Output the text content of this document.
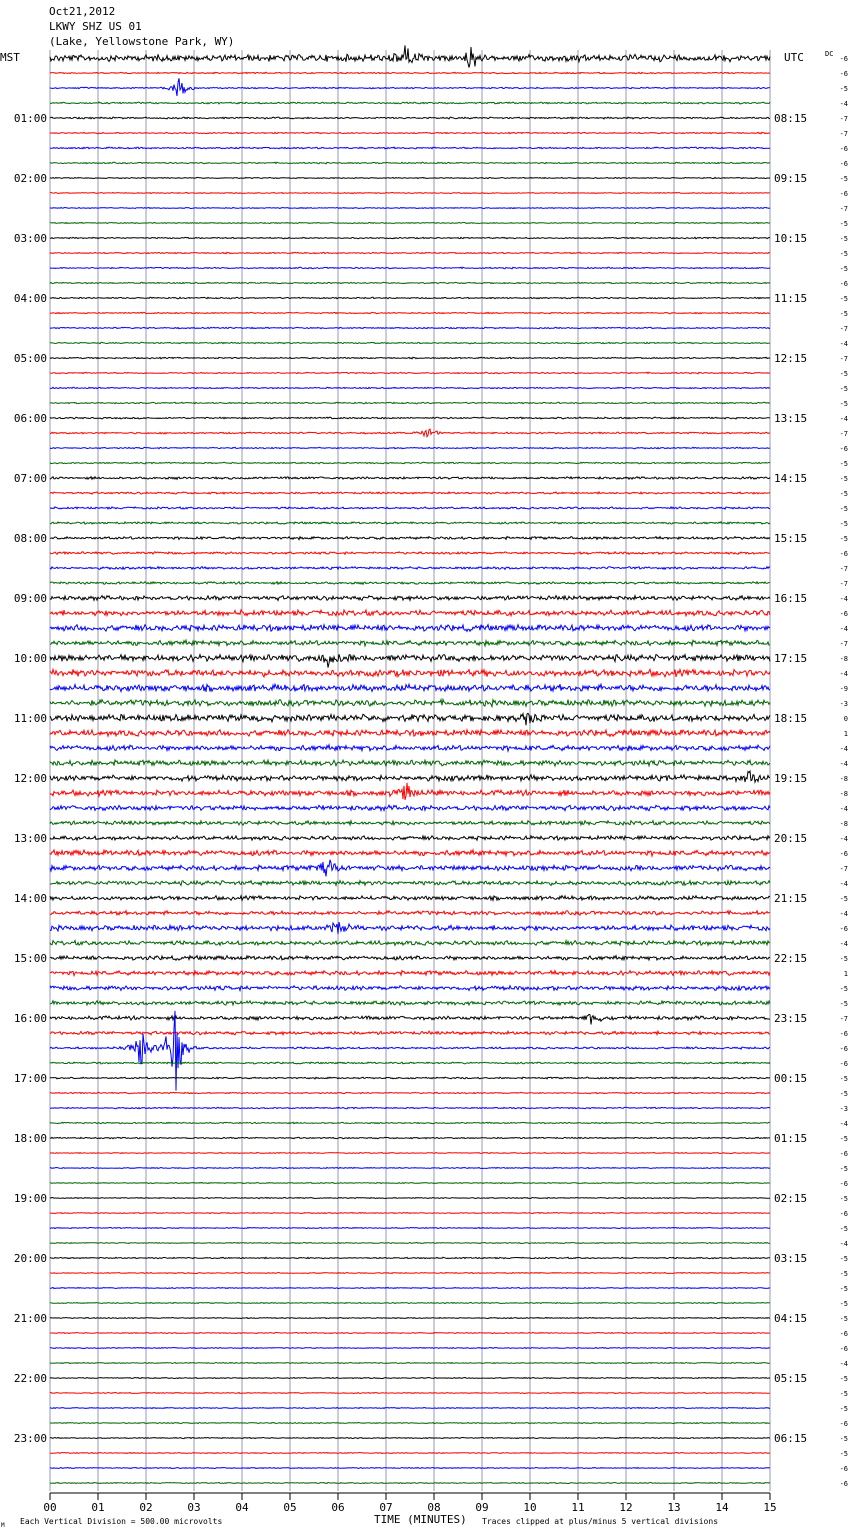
Oct21,2012
LKWY SHZ US 01
(Lake, Yellowstone Park, WY)
MST	UTC	DC
Each Vertical Division = 500.00 microvolts	TIME (MINUTES) Traces clipped at plus/minus 5 vertical divisions
M
00	01	02	03	04	05	06	07	08	09	10	11	12	13	14	15
-6
-6
-5
-4
-7
01:00	08:15
-7
-6
-6
-5
02:00	09:15
-6
-7
-5
-5
03:00	10:15
-5
-5
-6
-5
04:00	11:15
-5
-7
-4
-7
05:00	12:15
-5
-5
-5
-4
06:00	13:15
-7
-6
-5
-5
07:00	14:15
-5
-5
-5
-5
08:00	15:15
-6
-7
-7
-4
09:00	16:15
-6
-4
-7
-8
10:00	17:15
-4
-9
-3
0
11:00	18:15
1
-4
-4
-8
12:00	19:15
-8
-4
-8
-4
13:00	20:15
-6
-7
-4
-5
14:00	21:15
-4
-6
-4
-5
15:00	22:15
1
-5
-5
-7
16:00	23:15
-6
-6
-6
-5
17:00	00:15
-5
-3
-4
-5
18:00	01:15
-6
-5
-6
-5
19:00	02:15
-6
-5
-4
-5
20:00	03:15
-5
-5
-5
-5
21:00	04:15
-6
-6
-4
-5
22:00	05:15
-5
-5
-6
-5
23:00	06:15
-5
-6
-6
